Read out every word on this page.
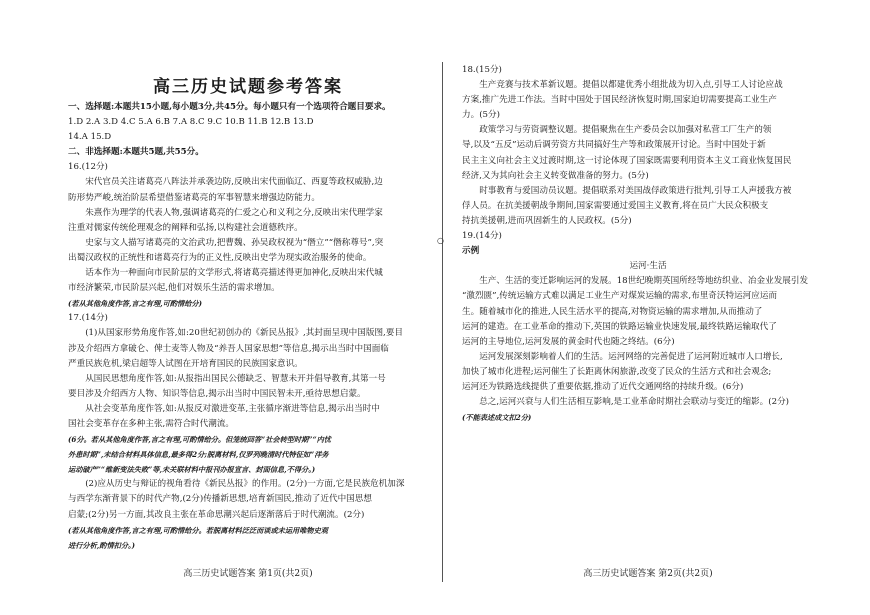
高三历史试题参考答案
一、选择题:本题共15小题,每小题3分,共45分。每小题只有一个选项符合题目要求。
1.D 2.A 3.D 4.C 5.A 6.B 7.A 8.C 9.C 10.B 11.B 12.B 13.D
14.A 15.D
二、非选择题:本题共5题,共55分。
16.(12分)
宋代官员关注诸葛亮八阵法并承袭边防,反映出宋代面临辽、西夏等政权威胁,边
防形势严峻,统治阶层希望借鉴诸葛亮的军事智慧来增强边防能力。
朱熹作为理学的代表人物,强调诸葛亮的仁爱之心和义利之分,反映出宋代理学家
注重对儒家传统伦理观念的阐释和弘扬,以构建社会道德秩序。
史家与文人描写诸葛亮的文治武功,把曹魏、孙吴政权视为“僭立”“僭称尊号”,突
出蜀汉政权的正统性和诸葛亮行为的正义性,反映出史学为现实政治服务的使命。
话本作为一种面向市民阶层的文学形式,将诸葛亮描述得更加神化,反映出宋代城
市经济繁荣,市民阶层兴起,他们对娱乐生活的需求增加。
(若从其他角度作答,言之有理,可酌情给分)
17.(14分)
(1)从国家形势角度作答,如:20世纪初创办的《新民丛报》,其封面呈现中国版图,要目
涉及介绍西方拿破仑、俾士麦等人物及“养吾人国家思想”等信息,揭示出当时中国面临
严重民族危机,梁启超等人试图在开培育国民的民族国家意识。
从国民思想角度作答,如:从报指出国民公德缺乏、智慧未开并倡导教育,其第一号
要目涉及介绍西方人物、知识等信息,揭示出当时中国民智未开,亟待思想启蒙。
从社会变革角度作答,如:从报反对激进变革,主张循序渐进等信息,揭示出当时中
国社会变革存在多种主张,需符合时代潮流。
(6分。若从其他角度作答,言之有理,可酌情给分。但笼统回答“社会转型时期”“内忧
外患时期”,未结合材料具体信息,最多得2分;脱离材料,仅罗列晚清时代特征如“洋务
运动破产”“维新变法失败”等,未关联材料中报刊办报宣言、封面信息,不得分。)
(2)应从历史与辩证的视角看待《新民丛报》的作用。(2分)一方面,它是民族危机加深
与西学东渐背景下的时代产物,(2分)传播新思想,培育新国民,推动了近代中国思想
启蒙;(2分)另一方面,其改良主张在革命思潮兴起后逐渐落后于时代潮流。(2分)
(若从其他角度作答,言之有理,可酌情给分。若脱离材料泛泛而谈或未运用唯物史观
进行分析,酌情扣分。)
高三历史试题答案 第1页(共2页)
○
18.(15分)
生产竞赛与技术革新议题。提倡以都建优秀小组批战为切入点,引导工人讨论应战
方案,推广先进工作法。当时中国处于国民经济恢复时期,国家迫切需要提高工业生产
力。(5分)
政策学习与劳资调整议题。提倡聚焦在生产委员会以加强对私营工厂生产的领
导,以及“五反”运动后调劳资方共同搞好生产等和政策展开讨论。当时中国处于新
民主主义向社会主义过渡时期,这一讨论体现了国家既需要利用资本主义工商业恢复国民
经济,又为其向社会主义转变做准备的努力。(5分)
时事教育与爱国动员议题。提倡联系对美国战俘政策进行批判,引导工人声援我方被
俘人员。在抗美援朝战争期间,国家需要通过爱国主义教育,将在员广大民众积极支
持抗美援朝,进而巩固新生的人民政权。(5分)
19.(14分)
示例
运河·生活
生产、生活的变迁影响运河的发展。18世纪晚期英国所经等地纺织业、冶金业发展引发
“激烈匮”,传统运输方式难以满足工业生产对煤炭运输的需求,布里奇沃特运河应运而
生。随着城市化的推进,人民生活水平的提高,对物资运输的需求增加,从而推动了
运河的建造。在工业革命的推动下,英国的铁路运输业快速发展,最终铁路运输取代了
运河的主导地位,运河发展的黄金时代也随之终结。(6分)
运河发展深刻影响着人们的生活。运河网络的完善促进了运河附近城市人口增长,
加快了城市化进程;运河催生了长距离休闲旅游,改变了民众的生活方式和社会观念;
运河还为铁路选线提供了重要依据,推动了近代交通网络的持续升级。(6分)
总之,运河兴衰与人们生活相互影响,是工业革命时期社会联动与变迁的缩影。(2分)
(不能表述成文扣2分)
高三历史试题答案 第2页(共2页)
